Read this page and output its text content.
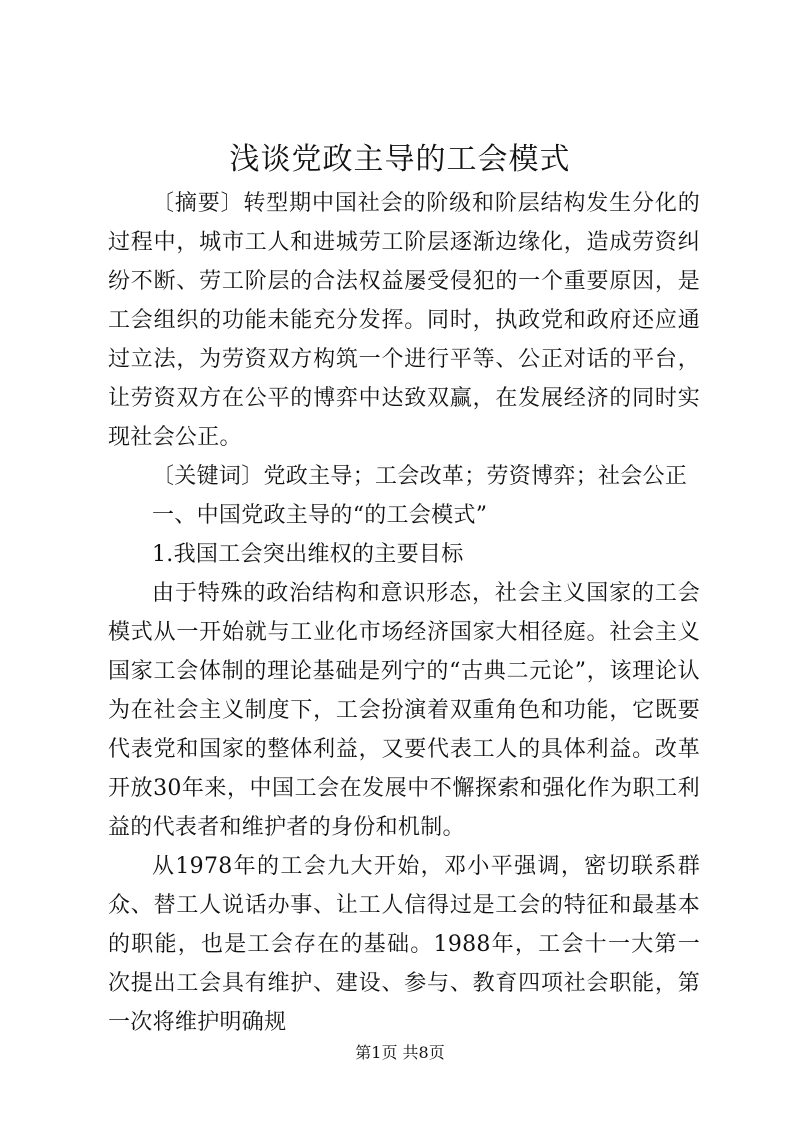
浅谈党政主导的工会模式

〔摘要〕转型期中国社会的阶级和阶层结构发生分化的过程中，城市工人和进城劳工阶层逐渐边缘化，造成劳资纠纷不断、劳工阶层的合法权益屡受侵犯的一个重要原因，是工会组织的功能未能充分发挥。同时，执政党和政府还应通过立法，为劳资双方构筑一个进行平等、公正对话的平台，让劳资双方在公平的博弈中达致双赢，在发展经济的同时实现社会公正。

〔关键词〕党政主导；工会改革；劳资博弈；社会公正

一、中国党政主导的“的工会模式”

1.我国工会突出维权的主要目标

由于特殊的政治结构和意识形态，社会主义国家的工会模式从一开始就与工业化市场经济国家大相径庭。社会主义国家工会体制的理论基础是列宁的“古典二元论”，该理论认为在社会主义制度下，工会扮演着双重角色和功能，它既要代表党和国家的整体利益，又要代表工人的具体利益。改革开放30年来，中国工会在发展中不懈探索和强化作为职工利益的代表者和维护者的身份和机制。

从1978年的工会九大开始，邓小平强调，密切联系群众、替工人说话办事、让工人信得过是工会的特征和最基本的职能，也是工会存在的基础。1988年，工会十一大第一次提出工会具有维护、建设、参与、教育四项社会职能，第一次将维护明确规

第1页 共8页
